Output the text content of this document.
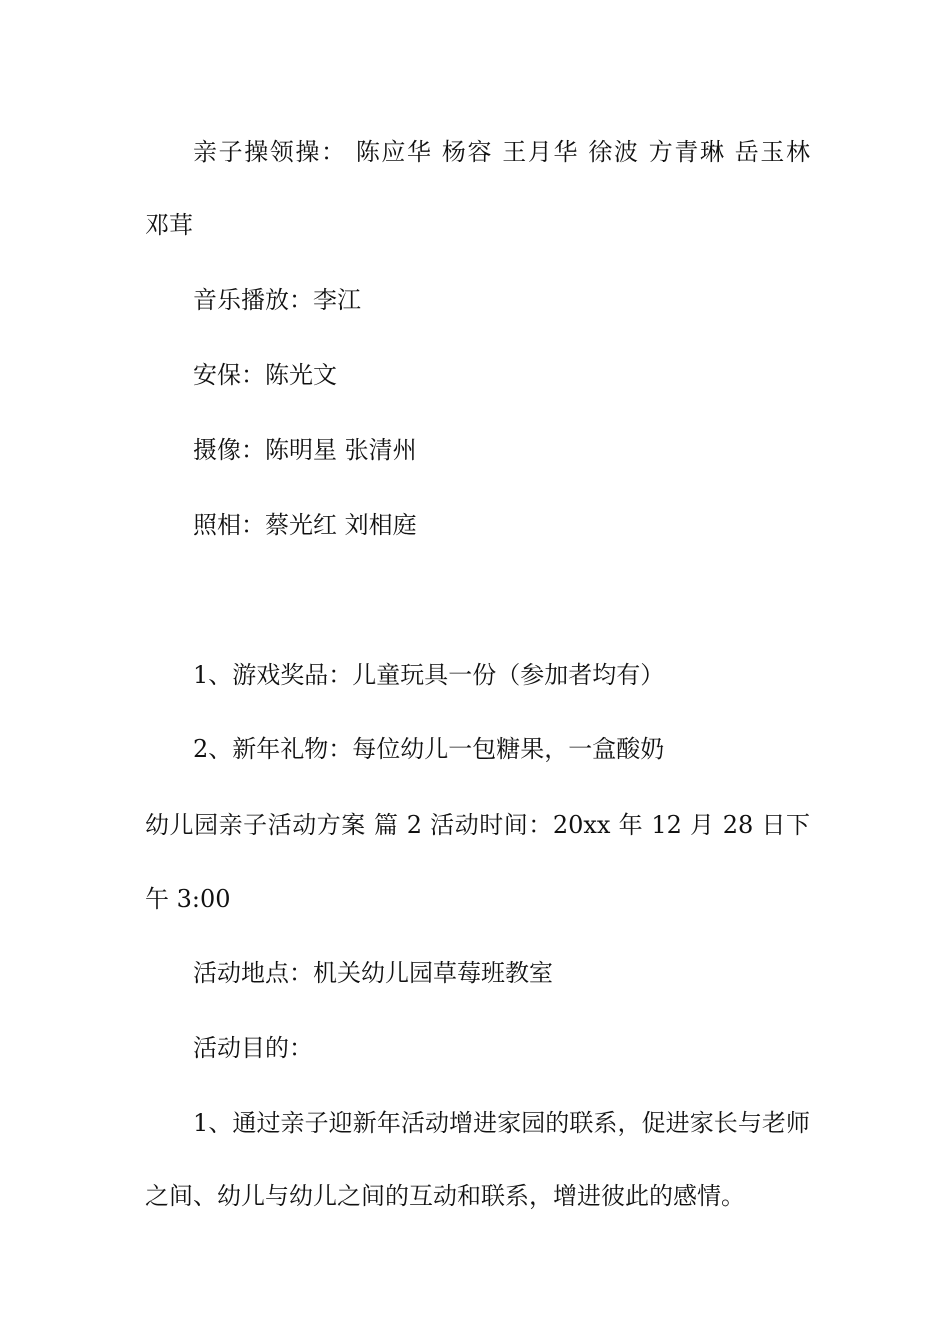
亲子操领操： 陈应华 杨容 王月华 徐波 方青琳 岳玉林
邓茸
音乐播放：李江
安保：陈光文
摄像：陈明星 张清州
照相：蔡光红 刘相庭
1、游戏奖品：儿童玩具一份（参加者均有）
2、新年礼物：每位幼儿一包糖果，一盒酸奶
幼儿园亲子活动方案 篇 2 活动时间：20xx 年 12 月 28 日下
午 3:00
活动地点：机关幼儿园草莓班教室
活动目的：
1、通过亲子迎新年活动增进家园的联系，促进家长与老师
之间、幼儿与幼儿之间的互动和联系，增进彼此的感情。
